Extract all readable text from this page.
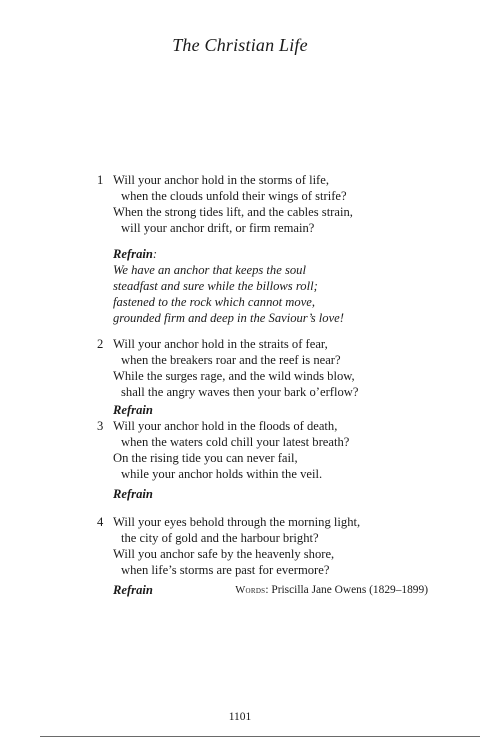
The Christian Life
1 Will your anchor hold in the storms of life,
when the clouds unfold their wings of strife?
When the strong tides lift, and the cables strain,
will your anchor drift, or firm remain?
Refrain:
We have an anchor that keeps the soul
steadfast and sure while the billows roll;
fastened to the rock which cannot move,
grounded firm and deep in the Saviour’s love!
2 Will your anchor hold in the straits of fear,
when the breakers roar and the reef is near?
While the surges rage, and the wild winds blow,
shall the angry waves then your bark o’erflow?
Refrain
3 Will your anchor hold in the floods of death,
when the waters cold chill your latest breath?
On the rising tide you can never fail,
while your anchor holds within the veil.
Refrain
4 Will your eyes behold through the morning light,
the city of gold and the harbour bright?
Will you anchor safe by the heavenly shore,
when life’s storms are past for evermore?
Refrain	Words: Priscilla Jane Owens (1829–1899)
1101
